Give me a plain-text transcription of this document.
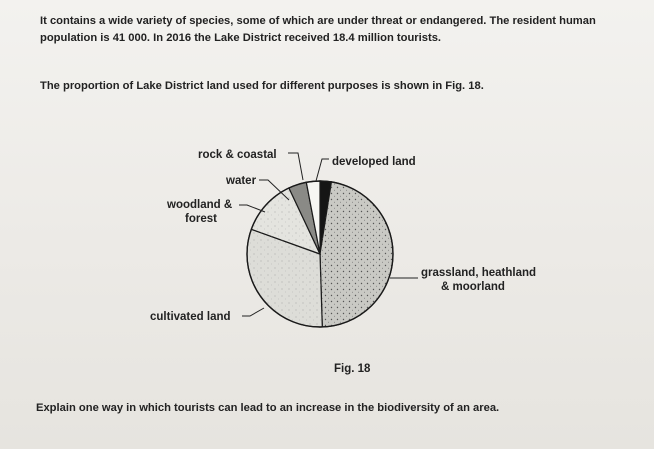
It contains a wide variety of species, some of which are under threat or endangered. The resident human population is 41 000. In 2016 the Lake District received 18.4 million tourists.
The proportion of Lake District land used for different purposes is shown in Fig. 18.
rock & coastal
water
developed land
grassland, heathland & moorland
woodland & forest
cultivated land
Fig. 18
Explain one way in which tourists can lead to an increase in the biodiversity of an area.
